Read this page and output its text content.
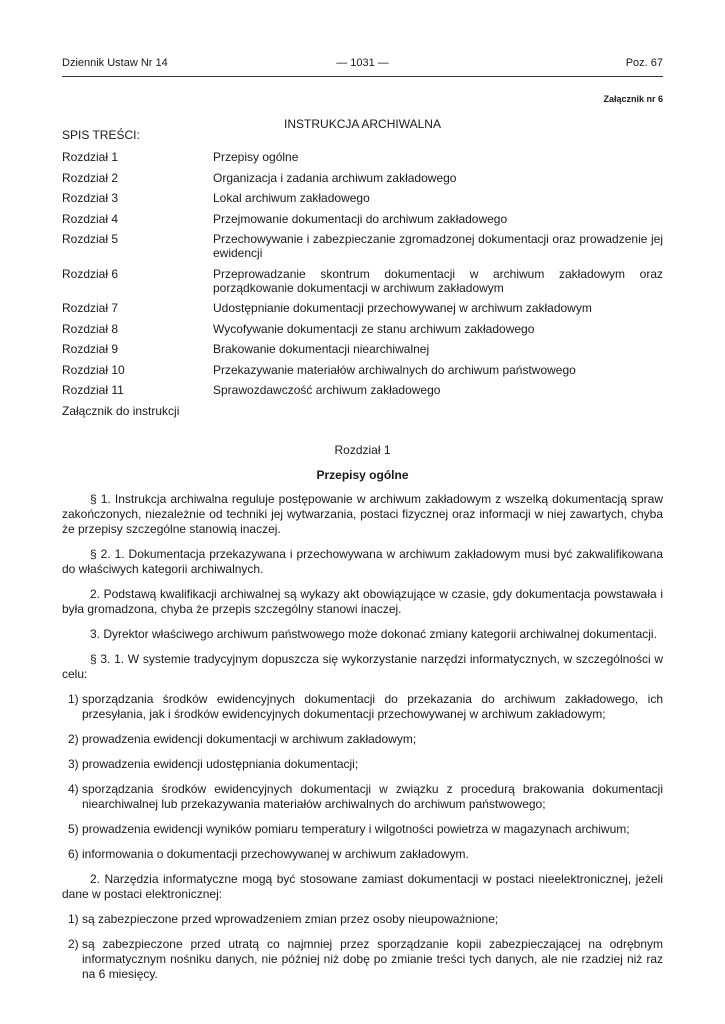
Dziennik Ustaw Nr 14	— 1031 —	Poz. 67
Załącznik nr 6
INSTRUKCJA ARCHIWALNA
SPIS TREŚCI:
Rozdział 1	Przepisy ogólne
Rozdział 2	Organizacja i zadania archiwum zakładowego
Rozdział 3	Lokal archiwum zakładowego
Rozdział 4	Przejmowanie dokumentacji do archiwum zakładowego
Rozdział 5	Przechowywanie i zabezpieczanie zgromadzonej dokumentacji oraz prowadzenie jej ewidencji
Rozdział 6	Przeprowadzanie skontrum dokumentacji w archiwum zakładowym oraz porządkowanie dokumentacji w archiwum zakładowym
Rozdział 7	Udostępnianie dokumentacji przechowywanej w archiwum zakładowym
Rozdział 8	Wycofywanie dokumentacji ze stanu archiwum zakładowego
Rozdział 9	Brakowanie dokumentacji niearchiwalnej
Rozdział 10	Przekazywanie materiałów archiwalnych do archiwum państwowego
Rozdział 11	Sprawozdawczość archiwum zakładowego
Załącznik do instrukcji
Rozdział 1
Przepisy ogólne

§ 1. Instrukcja archiwalna reguluje postępowanie w archiwum zakładowym z wszelką dokumentacją spraw zakończonych, niezależnie od techniki jej wytwarzania, postaci fizycznej oraz informacji w niej zawartych, chyba że przepisy szczególne stanowią inaczej.

§ 2. 1. Dokumentacja przekazywana i przechowywana w archiwum zakładowym musi być zakwalifikowana do właściwych kategorii archiwalnych.

2. Podstawą kwalifikacji archiwalnej są wykazy akt obowiązujące w czasie, gdy dokumentacja powstawała i była gromadzona, chyba że przepis szczególny stanowi inaczej.

3. Dyrektor właściwego archiwum państwowego może dokonać zmiany kategorii archiwalnej dokumentacji.

§ 3. 1. W systemie tradycyjnym dopuszcza się wykorzystanie narzędzi informatycznych, w szczególności w celu:

1) sporządzania środków ewidencyjnych dokumentacji do przekazania do archiwum zakładowego, ich przesyłania, jak i środków ewidencyjnych dokumentacji przechowywanej w archiwum zakładowym;
2) prowadzenia ewidencji dokumentacji w archiwum zakładowym;
3) prowadzenia ewidencji udostępniania dokumentacji;
4) sporządzania środków ewidencyjnych dokumentacji w związku z procedurą brakowania dokumentacji niearchiwalnej lub przekazywania materiałów archiwalnych do archiwum państwowego;
5) prowadzenia ewidencji wyników pomiaru temperatury i wilgotności powietrza w magazynach archiwum;
6) informowania o dokumentacji przechowywanej w archiwum zakładowym.

2. Narzędzia informatyczne mogą być stosowane zamiast dokumentacji w postaci nieelektronicznej, jeżeli dane w postaci elektronicznej:

1) są zabezpieczone przed wprowadzeniem zmian przez osoby nieupoważnione;
2) są zabezpieczone przed utratą co najmniej przez sporządzanie kopii zabezpieczającej na odrębnym informatycznym nośniku danych, nie później niż dobę po zmianie treści tych danych, ale nie rzadziej niż raz na 6 miesięcy.
